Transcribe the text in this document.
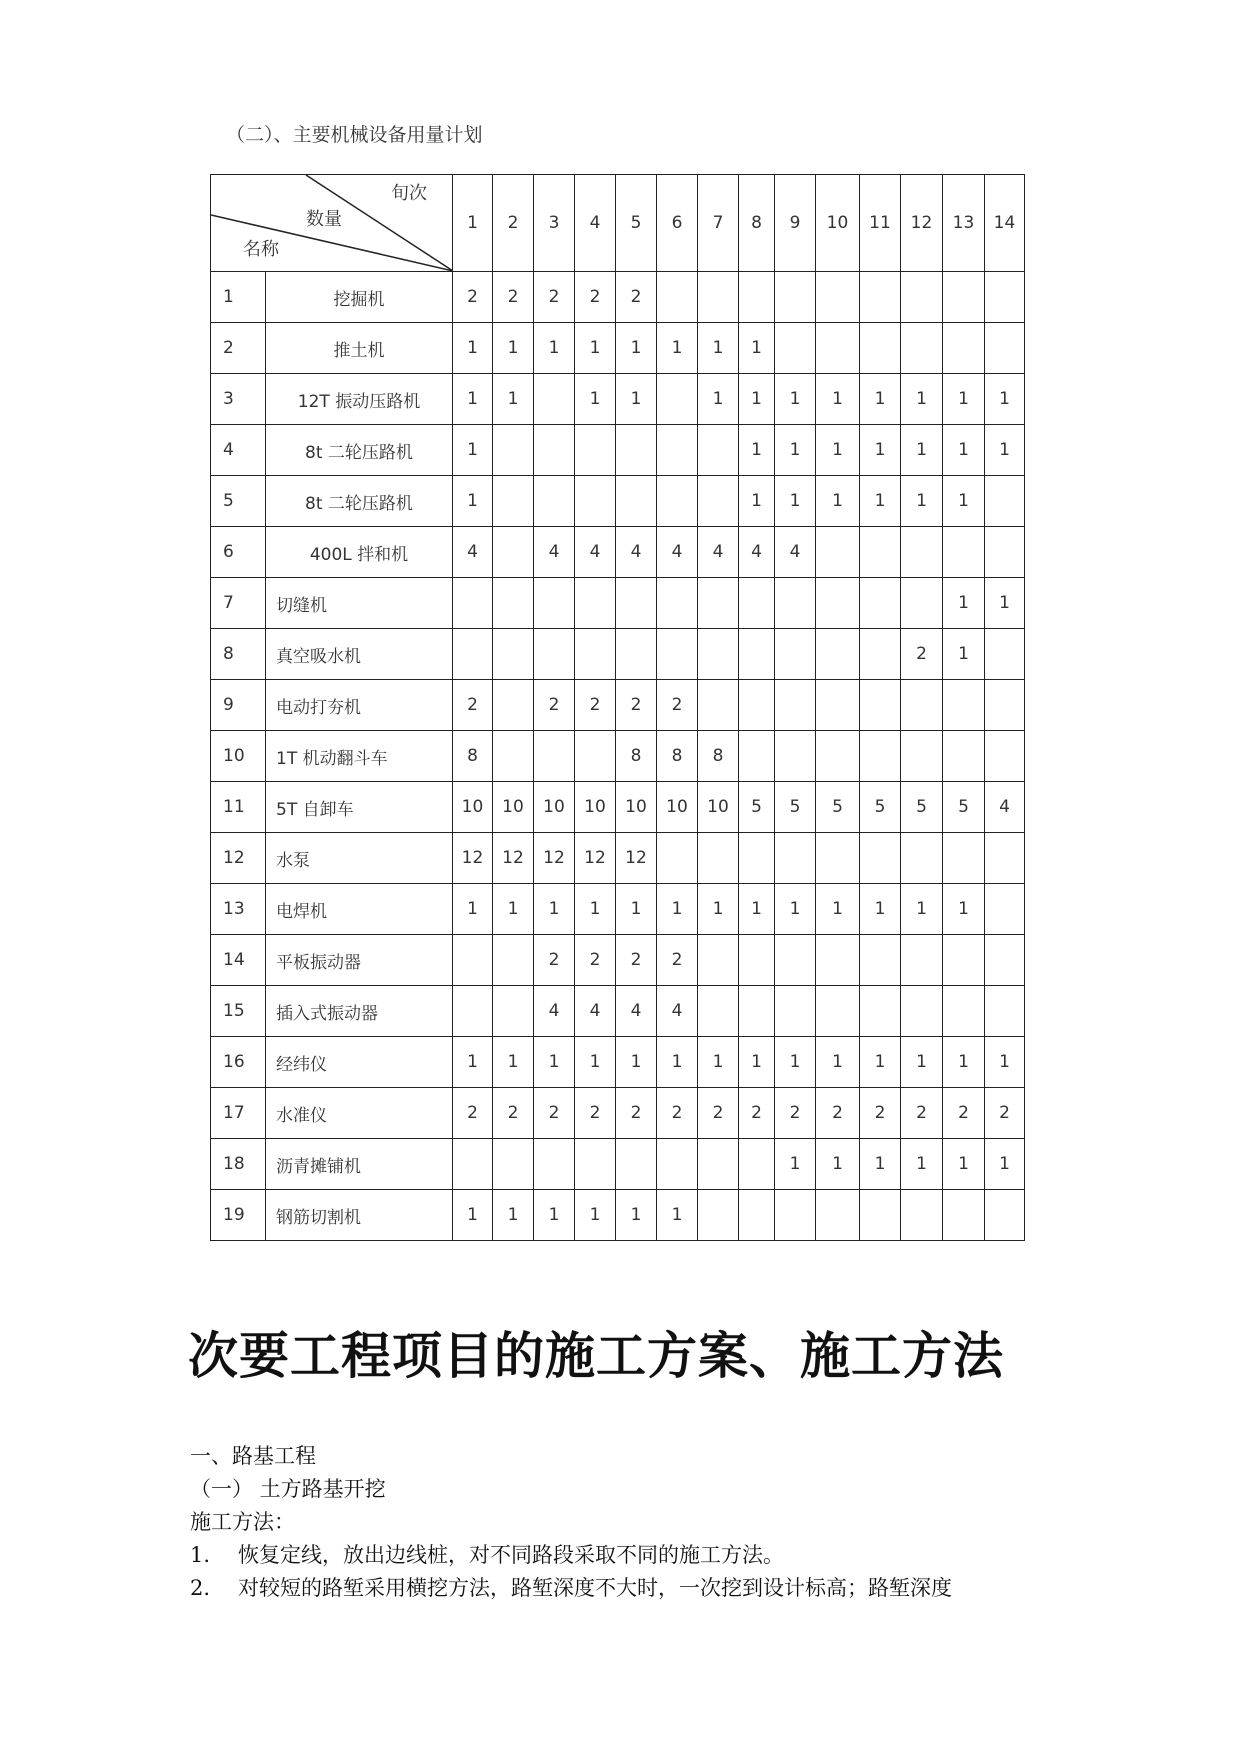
（二）、主要机械设备用量计划
旬次
数量
名称		1	2	3	4	5	6	7	8	9	10	11	12	13	14
1	挖掘机	2	2	2	2	2									
2	推土机	1	1	1	1	1	1	1	1						
3	12T 振动压路机	1	1		1	1		1	1	1	1	1	1	1	1
4	8t 二轮压路机	1							1	1	1	1	1	1	1
5	8t 二轮压路机	1							1	1	1	1	1	1	
6	400L 拌和机	4		4	4	4	4	4	4	4					
7	切缝机													1	1
8	真空吸水机												2	1	
9	电动打夯机	2		2	2	2	2								
10	1T 机动翻斗车	8				8	8	8							
11	5T 自卸车	10	10	10	10	10	10	10	5	5	5	5	5	5	4
12	水泵	12	12	12	12	12									
13	电焊机	1	1	1	1	1	1	1	1	1	1	1	1	1	
14	平板振动器			2	2	2	2								
15	插入式振动器			4	4	4	4								
16	经纬仪	1	1	1	1	1	1	1	1	1	1	1	1	1	1
17	水准仪	2	2	2	2	2	2	2	2	2	2	2	2	2	2
18	沥青摊铺机									1	1	1	1	1	1
19	钢筋切割机	1	1	1	1	1	1								
次要工程项目的施工方案、施工方法
一、路基工程
（一） 土方路基开挖
施工方法：
1. 恢复定线，放出边线桩，对不同路段采取不同的施工方法。
2. 对较短的路堑采用横挖方法，路堑深度不大时，一次挖到设计标高；路堑深度
